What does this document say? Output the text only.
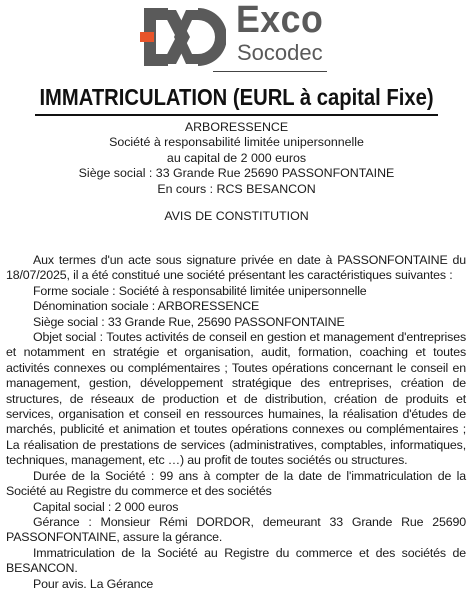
Exco
Socodec
IMMATRICULATION (EURL à capital Fixe)
ARBORESSENCE
Société à responsabilité limitée unipersonnelle
au capital de 2 000 euros
Siège social : 33 Grande Rue 25690 PASSONFONTAINE
En cours : RCS BESANCON
AVIS DE CONSTITUTION

Aux termes d'un acte sous signature privée en date à PASSONFONTAINE du 18/07/2025, il a été constitué une société présentant les caractéristiques suivantes :

Forme sociale : Société à responsabilité limitée unipersonnelle

Dénomination sociale : ARBORESSENCE

Siège social : 33 Grande Rue, 25690 PASSONFONTAINE

Objet social : Toutes activités de conseil en gestion et management d'entreprises et notamment en stratégie et organisation, audit, formation, coaching et toutes activités connexes ou complémentaires ; Toutes opérations concernant le conseil en management, gestion, développement stratégique des entreprises, création de structures, de réseaux de production et de distribution, création de produits et services, organisation et conseil en ressources humaines, la réalisation d'études de marchés, publicité et animation et toutes opérations connexes ou complémentaires ; La réalisation de prestations de services (administratives, comptables, informatiques, techniques, management, etc …) au profit de toutes sociétés ou structures.

Durée de la Société : 99 ans à compter de la date de l'immatriculation de la Société au Registre du commerce et des sociétés

Capital social : 2 000 euros

Gérance : Monsieur Rémi DORDOR, demeurant 33 Grande Rue 25690 PASSONFONTAINE, assure la gérance.

Immatriculation de la Société au Registre du commerce et des sociétés de BESANCON.

Pour avis. La Gérance
